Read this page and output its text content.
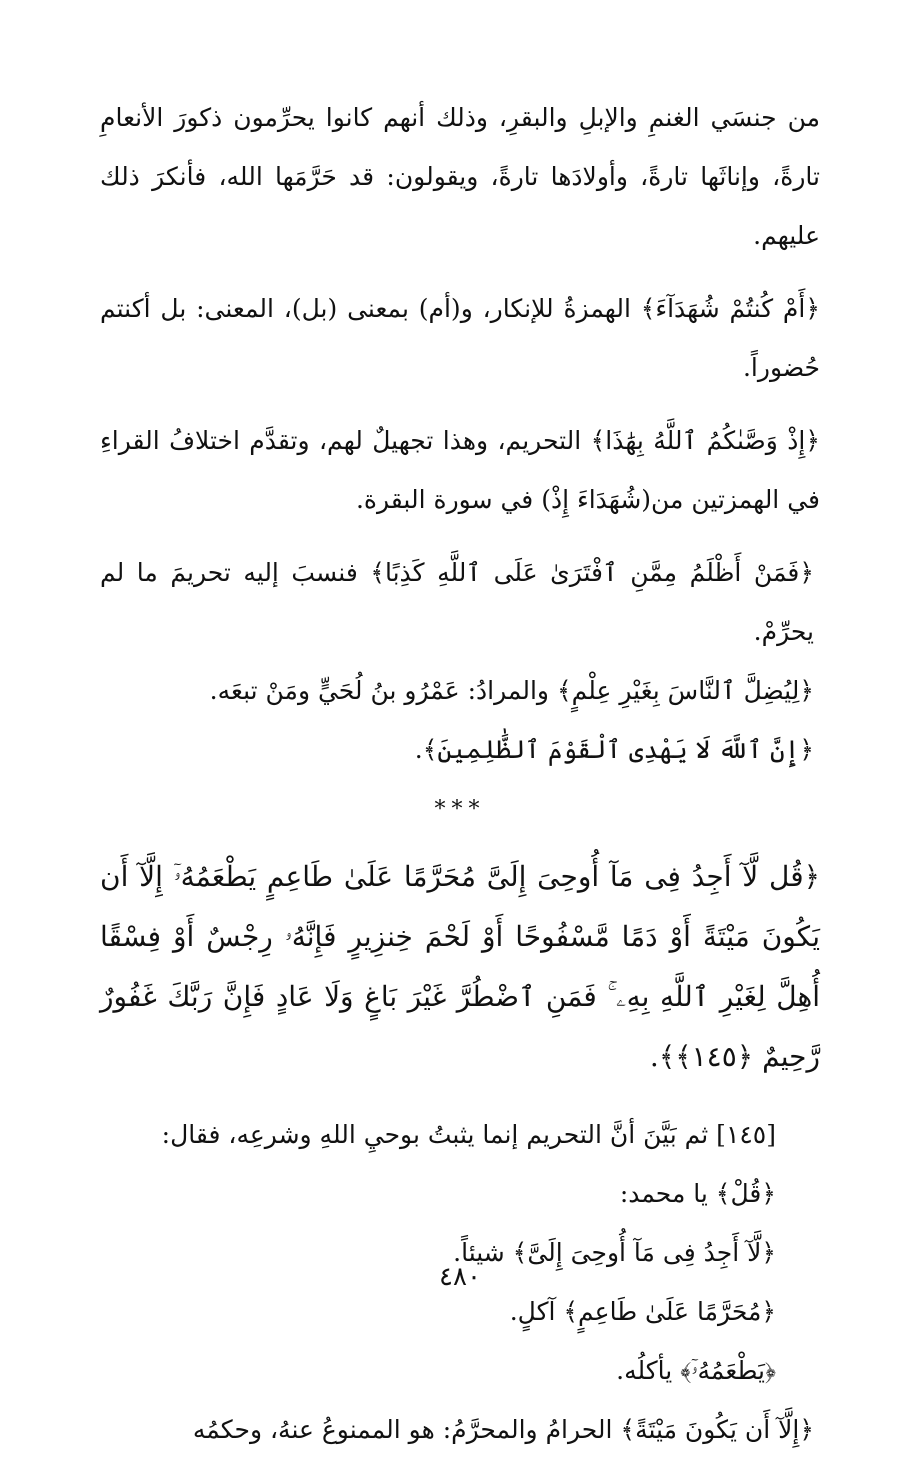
من جنسَي الغنمِ والإبلِ والبقرِ، وذلك أنهم كانوا يحرِّمون ذكورَ الأنعامِ تارةً، وإناثَها تارةً، وأولادَها تارةً، ويقولون: قد حَرَّمَها الله، فأنكرَ ذلك عليهم.

﴿أَمْ كُنتُمْ شُهَدَآءَ﴾ الهمزةُ للإنكار، و(أم) بمعنى (بل)، المعنى: بل أكنتم حُضوراً.

﴿إِذْ وَصَّىٰكُمُ ٱللَّهُ بِهَٰذَا﴾ التحريم، وهذا تجهيلٌ لهم، وتقدَّم اختلافُ القراءِ في الهمزتين من(شُهَدَاءَ إِذْ) في سورة البقرة.

﴿فَمَنْ أَظْلَمُ مِمَّنِ ٱفْتَرَىٰ عَلَى ٱللَّهِ كَذِبًا﴾ فنسبَ إليه تحريمَ ما لم يحرِّمْ.

﴿لِيُضِلَّ ٱلنَّاسَ بِغَيْرِ عِلْمٍ﴾ والمرادُ: عَمْرُو بنُ لُحَيٍّ ومَنْ تبعَه.

﴿إِنَّ ٱللَّهَ لَا يَهْدِى ٱلْقَوْمَ ٱلظَّٰلِمِينَ﴾.

***

﴿قُل لَّآ أَجِدُ فِى مَآ أُوحِىَ إِلَىَّ مُحَرَّمًا عَلَىٰ طَاعِمٍ يَطْعَمُهُۥٓ إِلَّآ أَن يَكُونَ مَيْتَةً أَوْ دَمًا مَّسْفُوحًا أَوْ لَحْمَ خِنزِيرٍ فَإِنَّهُۥ رِجْسٌ أَوْ فِسْقًا أُهِلَّ لِغَيْرِ ٱللَّهِ بِهِۦ ۚ فَمَنِ ٱضْطُرَّ غَيْرَ بَاغٍ وَلَا عَادٍ فَإِنَّ رَبَّكَ غَفُورٌ رَّحِيمٌ ﴿١٤٥﴾﴾.

[١٤٥] ثم بَيَّنَ أنَّ التحريم إنما يثبتُ بوحيِ اللهِ وشرعِه، فقال:

﴿قُلْ﴾ يا محمد:

﴿لَّآ أَجِدُ فِى مَآ أُوحِىَ إِلَىَّ﴾ شيئاً.

﴿مُحَرَّمًا عَلَىٰ طَاعِمٍ﴾ آكلٍ.

﴿يَطْعَمُهُۥٓ﴾ يأكلُه.

﴿إِلَّآ أَن يَكُونَ مَيْتَةً﴾ الحرامُ والمحرَّمُ: هو الممنوعُ عنهُ، وحكمُه

٤٨٠
